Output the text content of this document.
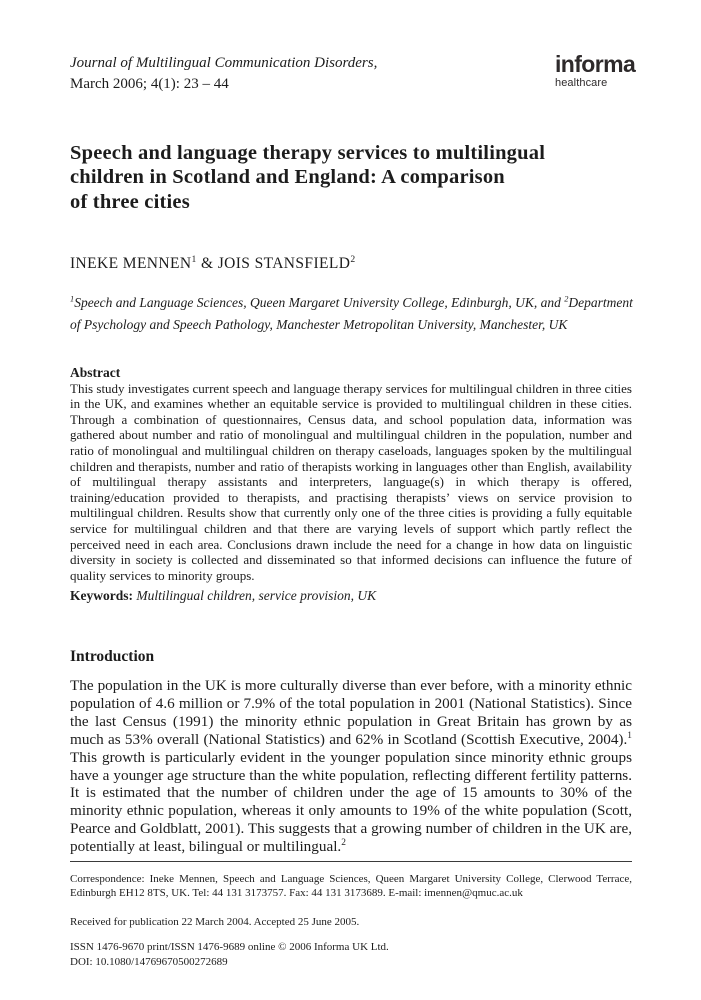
Journal of Multilingual Communication Disorders,
March 2006; 4(1): 23 – 44
informa
healthcare
Speech and language therapy services to multilingual
children in Scotland and England: A comparison
of three cities
INEKE MENNEN$^1$ & JOIS STANSFIELD$^2$
$^1$Speech and Language Sciences, Queen Margaret University College, Edinburgh, UK, and $^2$Department of Psychology and Speech Pathology, Manchester Metropolitan University, Manchester, UK
Abstract

This study investigates current speech and language therapy services for multilingual children in three cities in the UK, and examines whether an equitable service is provided to multilingual children in these cities. Through a combination of questionnaires, Census data, and school population data, information was gathered about number and ratio of monolingual and multilingual children in the population, number and ratio of monolingual and multilingual children on therapy caseloads, languages spoken by the multilingual children and therapists, number and ratio of therapists working in languages other than English, availability of multilingual therapy assistants and interpreters, language(s) in which therapy is offered, training/education provided to therapists, and practising therapists’ views on service provision to multilingual children. Results show that currently only one of the three cities is providing a fully equitable service for multilingual children and that there are varying levels of support which partly reflect the perceived need in each area. Conclusions drawn include the need for a change in how data on linguistic diversity in society is collected and disseminated so that informed decisions can influence the future of quality services to minority groups.

Keywords: Multilingual children, service provision, UK
Introduction
The population in the UK is more culturally diverse than ever before, with a minority ethnic population of 4.6 million or 7.9% of the total population in 2001 (National Statistics). Since the last Census (1991) the minority ethnic population in Great Britain has grown by as much as 53% overall (National Statistics) and 62% in Scotland (Scottish Executive, 2004).$^1$ This growth is particularly evident in the younger population since minority ethnic groups have a younger age structure than the white population, reflecting different fertility patterns. It is estimated that the number of children under the age of 15 amounts to 30% of the minority ethnic population, whereas it only amounts to 19% of the white population (Scott, Pearce and Goldblatt, 2001). This suggests that a growing number of children in the UK are, potentially at least, bilingual or multilingual.$^2$
Correspondence: Ineke Mennen, Speech and Language Sciences, Queen Margaret University College, Clerwood Terrace, Edinburgh EH12 8TS, UK. Tel: 44 131 3173757. Fax: 44 131 3173689. E-mail: imennen@qmuc.ac.uk
Received for publication 22 March 2004. Accepted 25 June 2005.
ISSN 1476-9670 print/ISSN 1476-9689 online © 2006 Informa UK Ltd.
DOI: 10.1080/14769670500272689
